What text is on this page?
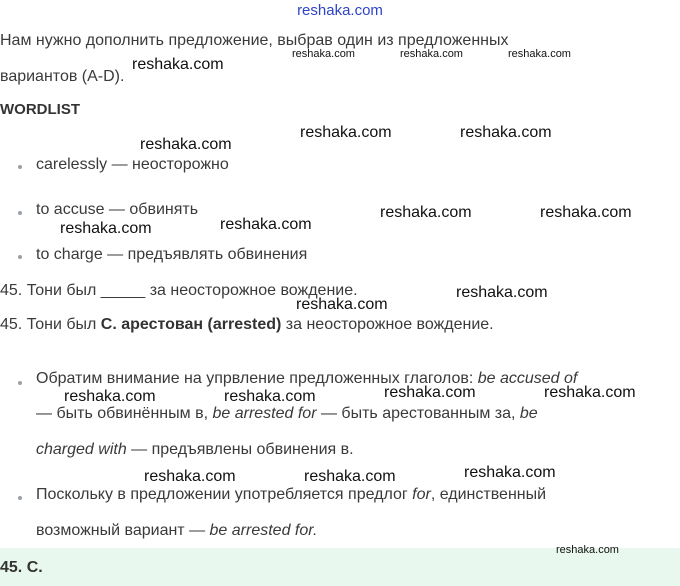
reshaka.com
Нам нужно дополнить предложение, выбрав один из предложенных
вариантов (A-D).
WORDLIST
carelessly — неосторожно
to accuse — обвинять
to charge — предъявлять обвинения
45. Тони был _____ за неосторожное вождение.
45. Тони был C. арестован (arrested) за неосторожное вождение.
Обратим внимание на упрвление предложенных глаголов: be accused of
— быть обвинённым в, be arrested for — быть арестованным за, be
charged with — предъявлены обвинения в.
Поскольку в предложении употребляется предлог for, единственный
возможный вариант — be arrested for.
45. C.
reshaka.com
reshaka.com	reshaka.com	reshaka.com
reshaka.com
reshaka.com	reshaka.com
reshaka.com	reshaka.com
reshaka.com
reshaka.com
reshaka.com
reshaka.com
reshaka.com	reshaka.com	reshaka.com	reshaka.com
reshaka.com	reshaka.com	reshaka.com
reshaka.com
